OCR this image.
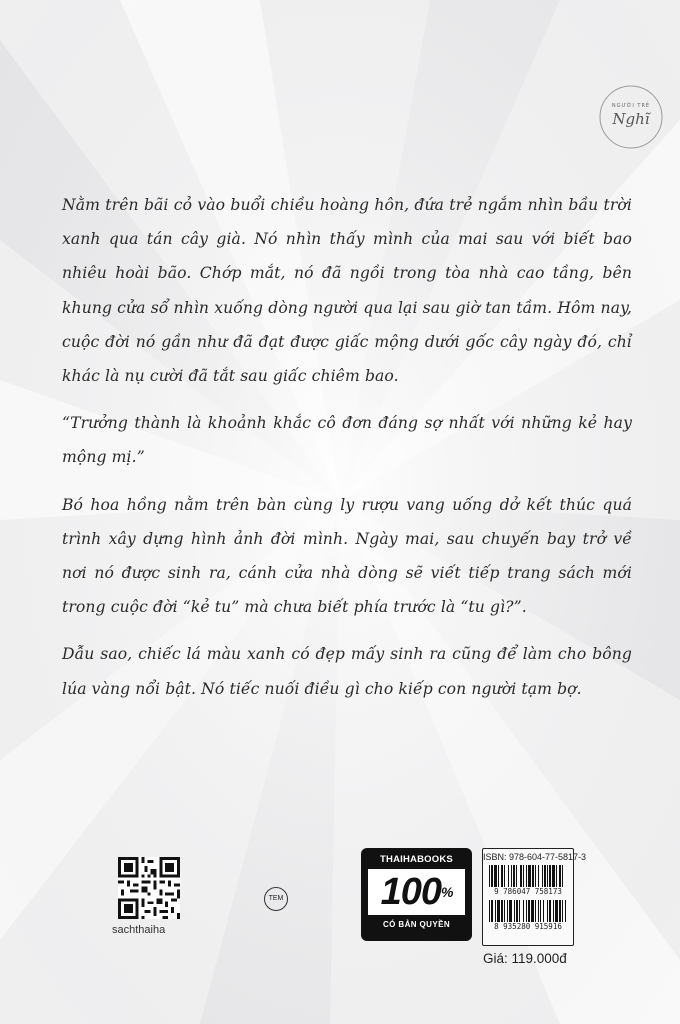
NGƯỜI TRẺ
Nghĩ

Nằm trên bãi cỏ vào buổi chiều hoàng hôn, đứa trẻ ngắm nhìn bầu trời xanh qua tán cây già. Nó nhìn thấy mình của mai sau với biết bao nhiêu hoài bão. Chớp mắt, nó đã ngồi trong tòa nhà cao tầng, bên khung cửa sổ nhìn xuống dòng người qua lại sau giờ tan tầm. Hôm nay, cuộc đời nó gần như đã đạt được giấc mộng dưới gốc cây ngày đó, chỉ khác là nụ cười đã tắt sau giấc chiêm bao.

“Trưởng thành là khoảnh khắc cô đơn đáng sợ nhất với những kẻ hay mộng mị.”

Bó hoa hồng nằm trên bàn cùng ly rượu vang uống dở kết thúc quá trình xây dựng hình ảnh đời mình. Ngày mai, sau chuyến bay trở về nơi nó được sinh ra, cánh cửa nhà dòng sẽ viết tiếp trang sách mới trong cuộc đời “kẻ tu” mà chưa biết phía trước là “tu gì?”.

Dẫu sao, chiếc lá màu xanh có đẹp mấy sinh ra cũng để làm cho bông lúa vàng nổi bật. Nó tiếc nuối điều gì cho kiếp con người tạm bợ.

sachthaiha
TEM
THAIHABOOKS
100%
CÓ BẢN QUYỀN
ISBN: 978-604-77-5817-3
9 786047 758173
8 935280 915916
Giá: 119.000đ
